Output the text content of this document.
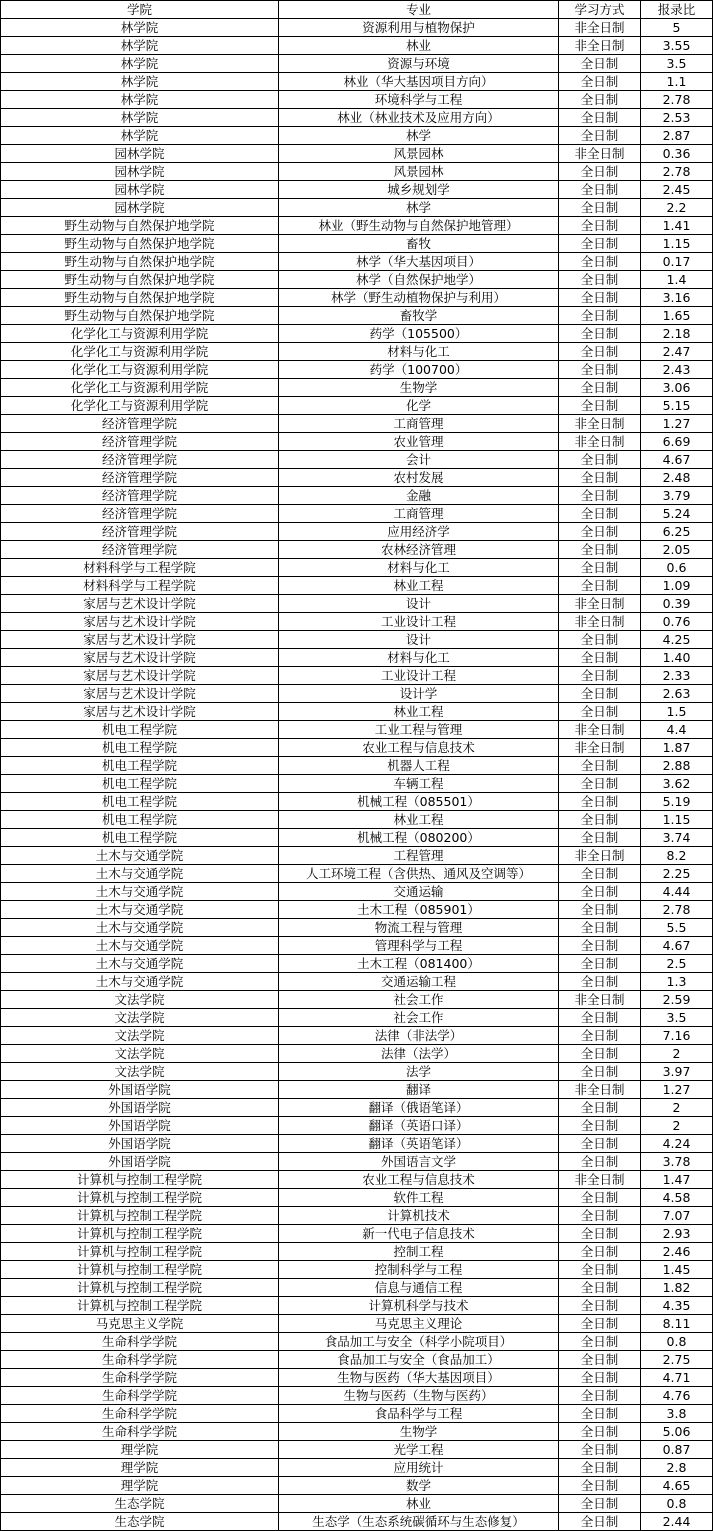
学院	专业	学习方式	报录比
林学院	资源利用与植物保护	非全日制	5
林学院	林业	非全日制	3.55
林学院	资源与环境	全日制	3.5
林学院	林业（华大基因项目方向）	全日制	1.1
林学院	环境科学与工程	全日制	2.78
林学院	林业（林业技术及应用方向）	全日制	2.53
林学院	林学	全日制	2.87
园林学院	风景园林	非全日制	0.36
园林学院	风景园林	全日制	2.78
园林学院	城乡规划学	全日制	2.45
园林学院	林学	全日制	2.2
野生动物与自然保护地学院	林业（野生动物与自然保护地管理）	全日制	1.41
野生动物与自然保护地学院	畜牧	全日制	1.15
野生动物与自然保护地学院	林学（华大基因项目）	全日制	0.17
野生动物与自然保护地学院	林学（自然保护地学）	全日制	1.4
野生动物与自然保护地学院	林学（野生动植物保护与利用）	全日制	3.16
野生动物与自然保护地学院	畜牧学	全日制	1.65
化学化工与资源利用学院	药学（105500）	全日制	2.18
化学化工与资源利用学院	材料与化工	全日制	2.47
化学化工与资源利用学院	药学（100700）	全日制	2.43
化学化工与资源利用学院	生物学	全日制	3.06
化学化工与资源利用学院	化学	全日制	5.15
经济管理学院	工商管理	非全日制	1.27
经济管理学院	农业管理	非全日制	6.69
经济管理学院	会计	全日制	4.67
经济管理学院	农村发展	全日制	2.48
经济管理学院	金融	全日制	3.79
经济管理学院	工商管理	全日制	5.24
经济管理学院	应用经济学	全日制	6.25
经济管理学院	农林经济管理	全日制	2.05
材料科学与工程学院	材料与化工	全日制	0.6
材料科学与工程学院	林业工程	全日制	1.09
家居与艺术设计学院	设计	非全日制	0.39
家居与艺术设计学院	工业设计工程	非全日制	0.76
家居与艺术设计学院	设计	全日制	4.25
家居与艺术设计学院	材料与化工	全日制	1.40
家居与艺术设计学院	工业设计工程	全日制	2.33
家居与艺术设计学院	设计学	全日制	2.63
家居与艺术设计学院	林业工程	全日制	1.5
机电工程学院	工业工程与管理	非全日制	4.4
机电工程学院	农业工程与信息技术	非全日制	1.87
机电工程学院	机器人工程	全日制	2.88
机电工程学院	车辆工程	全日制	3.62
机电工程学院	机械工程（085501）	全日制	5.19
机电工程学院	林业工程	全日制	1.15
机电工程学院	机械工程（080200）	全日制	3.74
土木与交通学院	工程管理	非全日制	8.2
土木与交通学院	人工环境工程（含供热、通风及空调等）	全日制	2.25
土木与交通学院	交通运输	全日制	4.44
土木与交通学院	土木工程（085901）	全日制	2.78
土木与交通学院	物流工程与管理	全日制	5.5
土木与交通学院	管理科学与工程	全日制	4.67
土木与交通学院	土木工程（081400）	全日制	2.5
土木与交通学院	交通运输工程	全日制	1.3
文法学院	社会工作	非全日制	2.59
文法学院	社会工作	全日制	3.5
文法学院	法律（非法学）	全日制	7.16
文法学院	法律（法学）	全日制	2
文法学院	法学	全日制	3.97
外国语学院	翻译	非全日制	1.27
外国语学院	翻译（俄语笔译）	全日制	2
外国语学院	翻译（英语口译）	全日制	2
外国语学院	翻译（英语笔译）	全日制	4.24
外国语学院	外国语言文学	全日制	3.78
计算机与控制工程学院	农业工程与信息技术	非全日制	1.47
计算机与控制工程学院	软件工程	全日制	4.58
计算机与控制工程学院	计算机技术	全日制	7.07
计算机与控制工程学院	新一代电子信息技术	全日制	2.93
计算机与控制工程学院	控制工程	全日制	2.46
计算机与控制工程学院	控制科学与工程	全日制	1.45
计算机与控制工程学院	信息与通信工程	全日制	1.82
计算机与控制工程学院	计算机科学与技术	全日制	4.35
马克思主义学院	马克思主义理论	全日制	8.11
生命科学学院	食品加工与安全（科学小院项目）	全日制	0.8
生命科学学院	食品加工与安全（食品加工）	全日制	2.75
生命科学学院	生物与医药（华大基因项目）	全日制	4.71
生命科学学院	生物与医药（生物与医药）	全日制	4.76
生命科学学院	食品科学与工程	全日制	3.8
生命科学学院	生物学	全日制	5.06
理学院	光学工程	全日制	0.87
理学院	应用统计	全日制	2.8
理学院	数学	全日制	4.65
生态学院	林业	全日制	0.8
生态学院	生态学（生态系统碳循环与生态修复）	全日制	2.44
